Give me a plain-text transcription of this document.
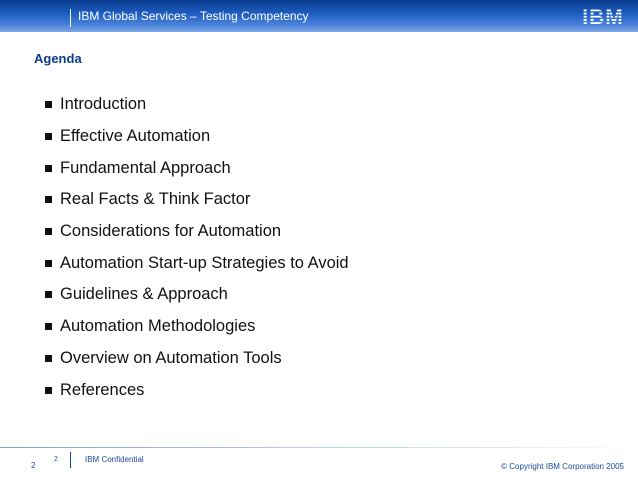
IBM Global Services – Testing Competency	IBM
Agenda
Introduction
Effective Automation
Fundamental Approach
Real Facts & Think Factor
Considerations for Automation
Automation Start-up Strategies to Avoid
Guidelines & Approach
Automation Methodologies
Overview on Automation Tools
References
2	IBM Confidential
2	© Copyright IBM Corporation 2005
